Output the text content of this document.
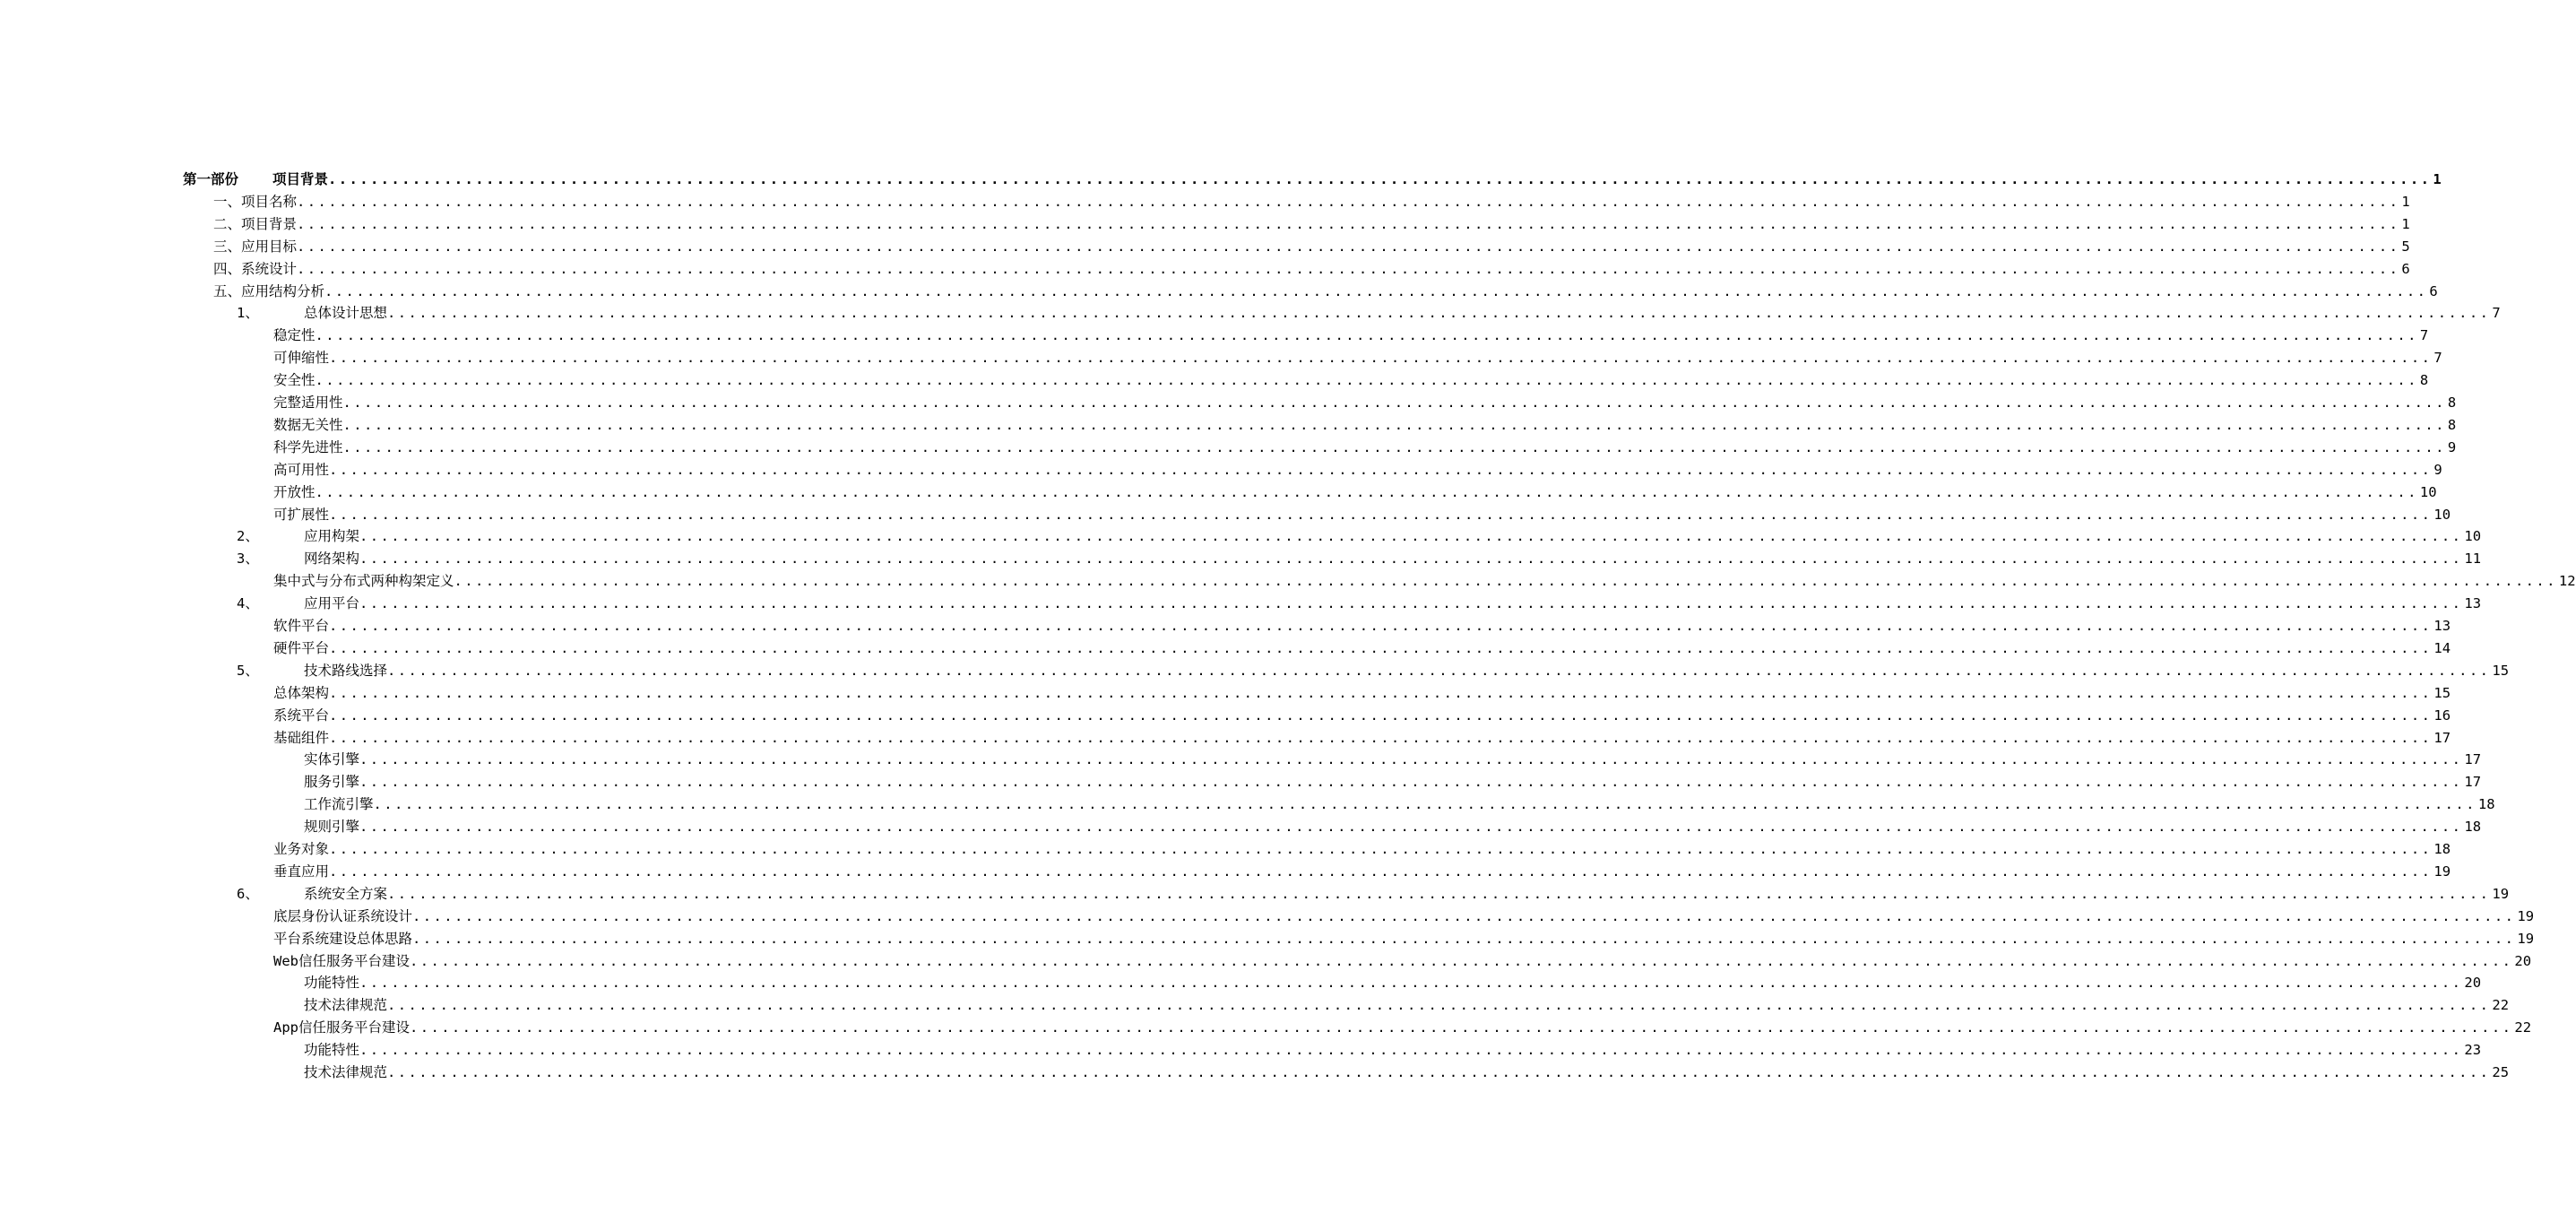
第一部份	项目背景 ........................................................................................................................................................................................................ 1
一、项目名称 ........................................................................................................................................................................................................ 1
二、项目背景 ........................................................................................................................................................................................................ 1
三、应用目标 ........................................................................................................................................................................................................ 5
四、系统设计 ........................................................................................................................................................................................................ 6
五、应用结构分析 ........................................................................................................................................................................................................ 6
1、	总体设计思想 ........................................................................................................................................................................................................ 7
稳定性 ........................................................................................................................................................................................................ 7
可伸缩性 ........................................................................................................................................................................................................ 7
安全性 ........................................................................................................................................................................................................ 8
完整适用性 ........................................................................................................................................................................................................ 8
数据无关性 ........................................................................................................................................................................................................ 8
科学先进性 ........................................................................................................................................................................................................ 9
高可用性 ........................................................................................................................................................................................................ 9
开放性 ........................................................................................................................................................................................................ 10
可扩展性 ........................................................................................................................................................................................................ 10
2、	应用构架 ........................................................................................................................................................................................................ 10
3、	网络架构 ........................................................................................................................................................................................................ 11
集中式与分布式两种构架定义 ........................................................................................................................................................................................................ 12
4、	应用平台 ........................................................................................................................................................................................................ 13
软件平台 ........................................................................................................................................................................................................ 13
硬件平台 ........................................................................................................................................................................................................ 14
5、	技术路线选择 ........................................................................................................................................................................................................ 15
总体架构 ........................................................................................................................................................................................................ 15
系统平台 ........................................................................................................................................................................................................ 16
基础组件 ........................................................................................................................................................................................................ 17
实体引擎 ........................................................................................................................................................................................................ 17
服务引擎 ........................................................................................................................................................................................................ 17
工作流引擎 ........................................................................................................................................................................................................ 18
规则引擎 ........................................................................................................................................................................................................ 18
业务对象 ........................................................................................................................................................................................................ 18
垂直应用 ........................................................................................................................................................................................................ 19
6、	系统安全方案 ........................................................................................................................................................................................................ 19
底层身份认证系统设计 ........................................................................................................................................................................................................ 19
平台系统建设总体思路 ........................................................................................................................................................................................................ 19
Web信任服务平台建设 ........................................................................................................................................................................................................ 20
功能特性 ........................................................................................................................................................................................................ 20
技术法律规范 ........................................................................................................................................................................................................ 22
App信任服务平台建设 ........................................................................................................................................................................................................ 22
功能特性 ........................................................................................................................................................................................................ 23
技术法律规范 ........................................................................................................................................................................................................ 25
